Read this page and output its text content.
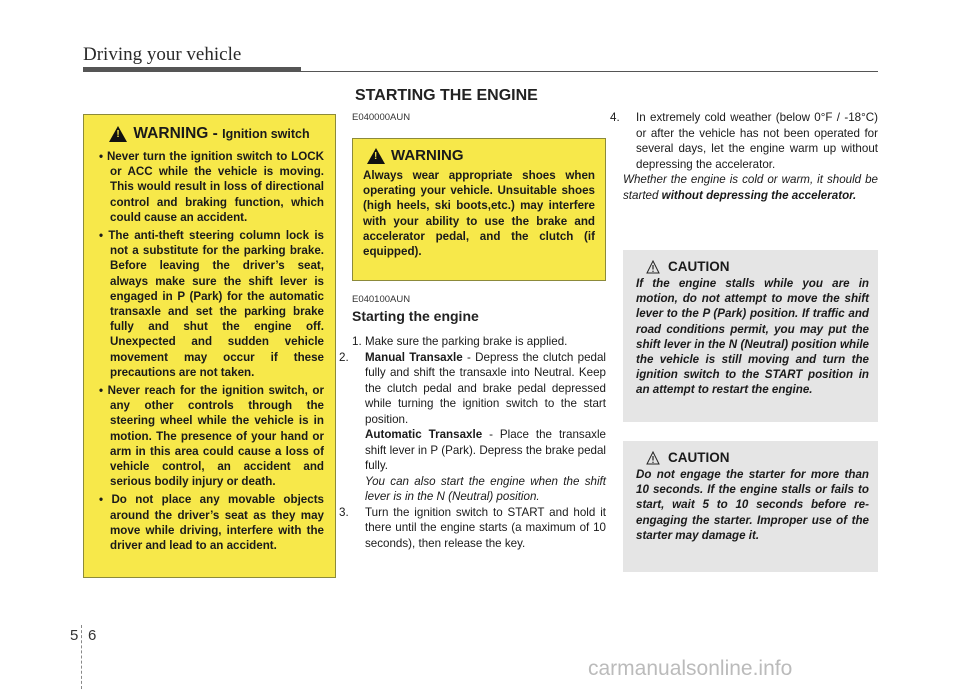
Driving your vehicle
STARTING THE ENGINE
!
WARNING - Ignition switch
• Never turn the ignition switch to LOCK or ACC while the vehicle is moving. This would result in loss of directional control and braking function, which could cause an accident.
• The anti-theft steering column lock is not a substitute for the parking brake. Before leaving the driver’s seat, always make sure the shift lever is engaged in P (Park) for the automatic transaxle and set the parking brake fully and shut the engine off. Unexpected and sudden vehicle movement may occur if these precautions are not taken.
• Never reach for the ignition switch, or any other controls through the steering wheel while the vehicle is in motion. The presence of your hand or arm in this area could cause a loss of vehicle control, an accident and serious bodily injury or death.
• Do not place any movable objects around the driver’s seat as they may move while driving, interfere with the driver and lead to an accident.
E040000AUN
!
WARNING

Always wear appropriate shoes when operating your vehicle. Unsuitable shoes (high heels, ski boots,etc.) may interfere with your ability to use the brake and accelerator pedal, and the clutch (if equipped).

E040100AUN
Starting the engine

1. Make sure the parking brake is applied.

2. Manual Transaxle - Depress the clutch pedal fully and shift the transaxle into Neutral. Keep the clutch pedal and brake pedal depressed while turning the ignition switch to the start position.

Automatic Transaxle - Place the transaxle shift lever in P (Park). Depress the brake pedal fully.

You can also start the engine when the shift lever is in the N (Neutral) position.

3. Turn the ignition switch to START and hold it there until the engine starts (a maximum of 10 seconds), then release the key.

4. In extremely cold weather (below 0°F / -18°C) or after the vehicle has not been operated for several days, let the engine warm up without depressing the accelerator.

Whether the engine is cold or warm, it should be started without depressing the accelerator.

CAUTION

If the engine stalls while you are in motion, do not attempt to move the shift lever to the P (Park) position. If traffic and road conditions permit, you may put the shift lever in the N (Neutral) position while the vehicle is still moving and turn the ignition switch to the START position in an attempt to restart the engine.

CAUTION

Do not engage the starter for more than 10 seconds. If the engine stalls or fails to start, wait 5 to 10 seconds before re-engaging the starter. Improper use of the starter may damage it.

5 6
carmanualsonline.info
